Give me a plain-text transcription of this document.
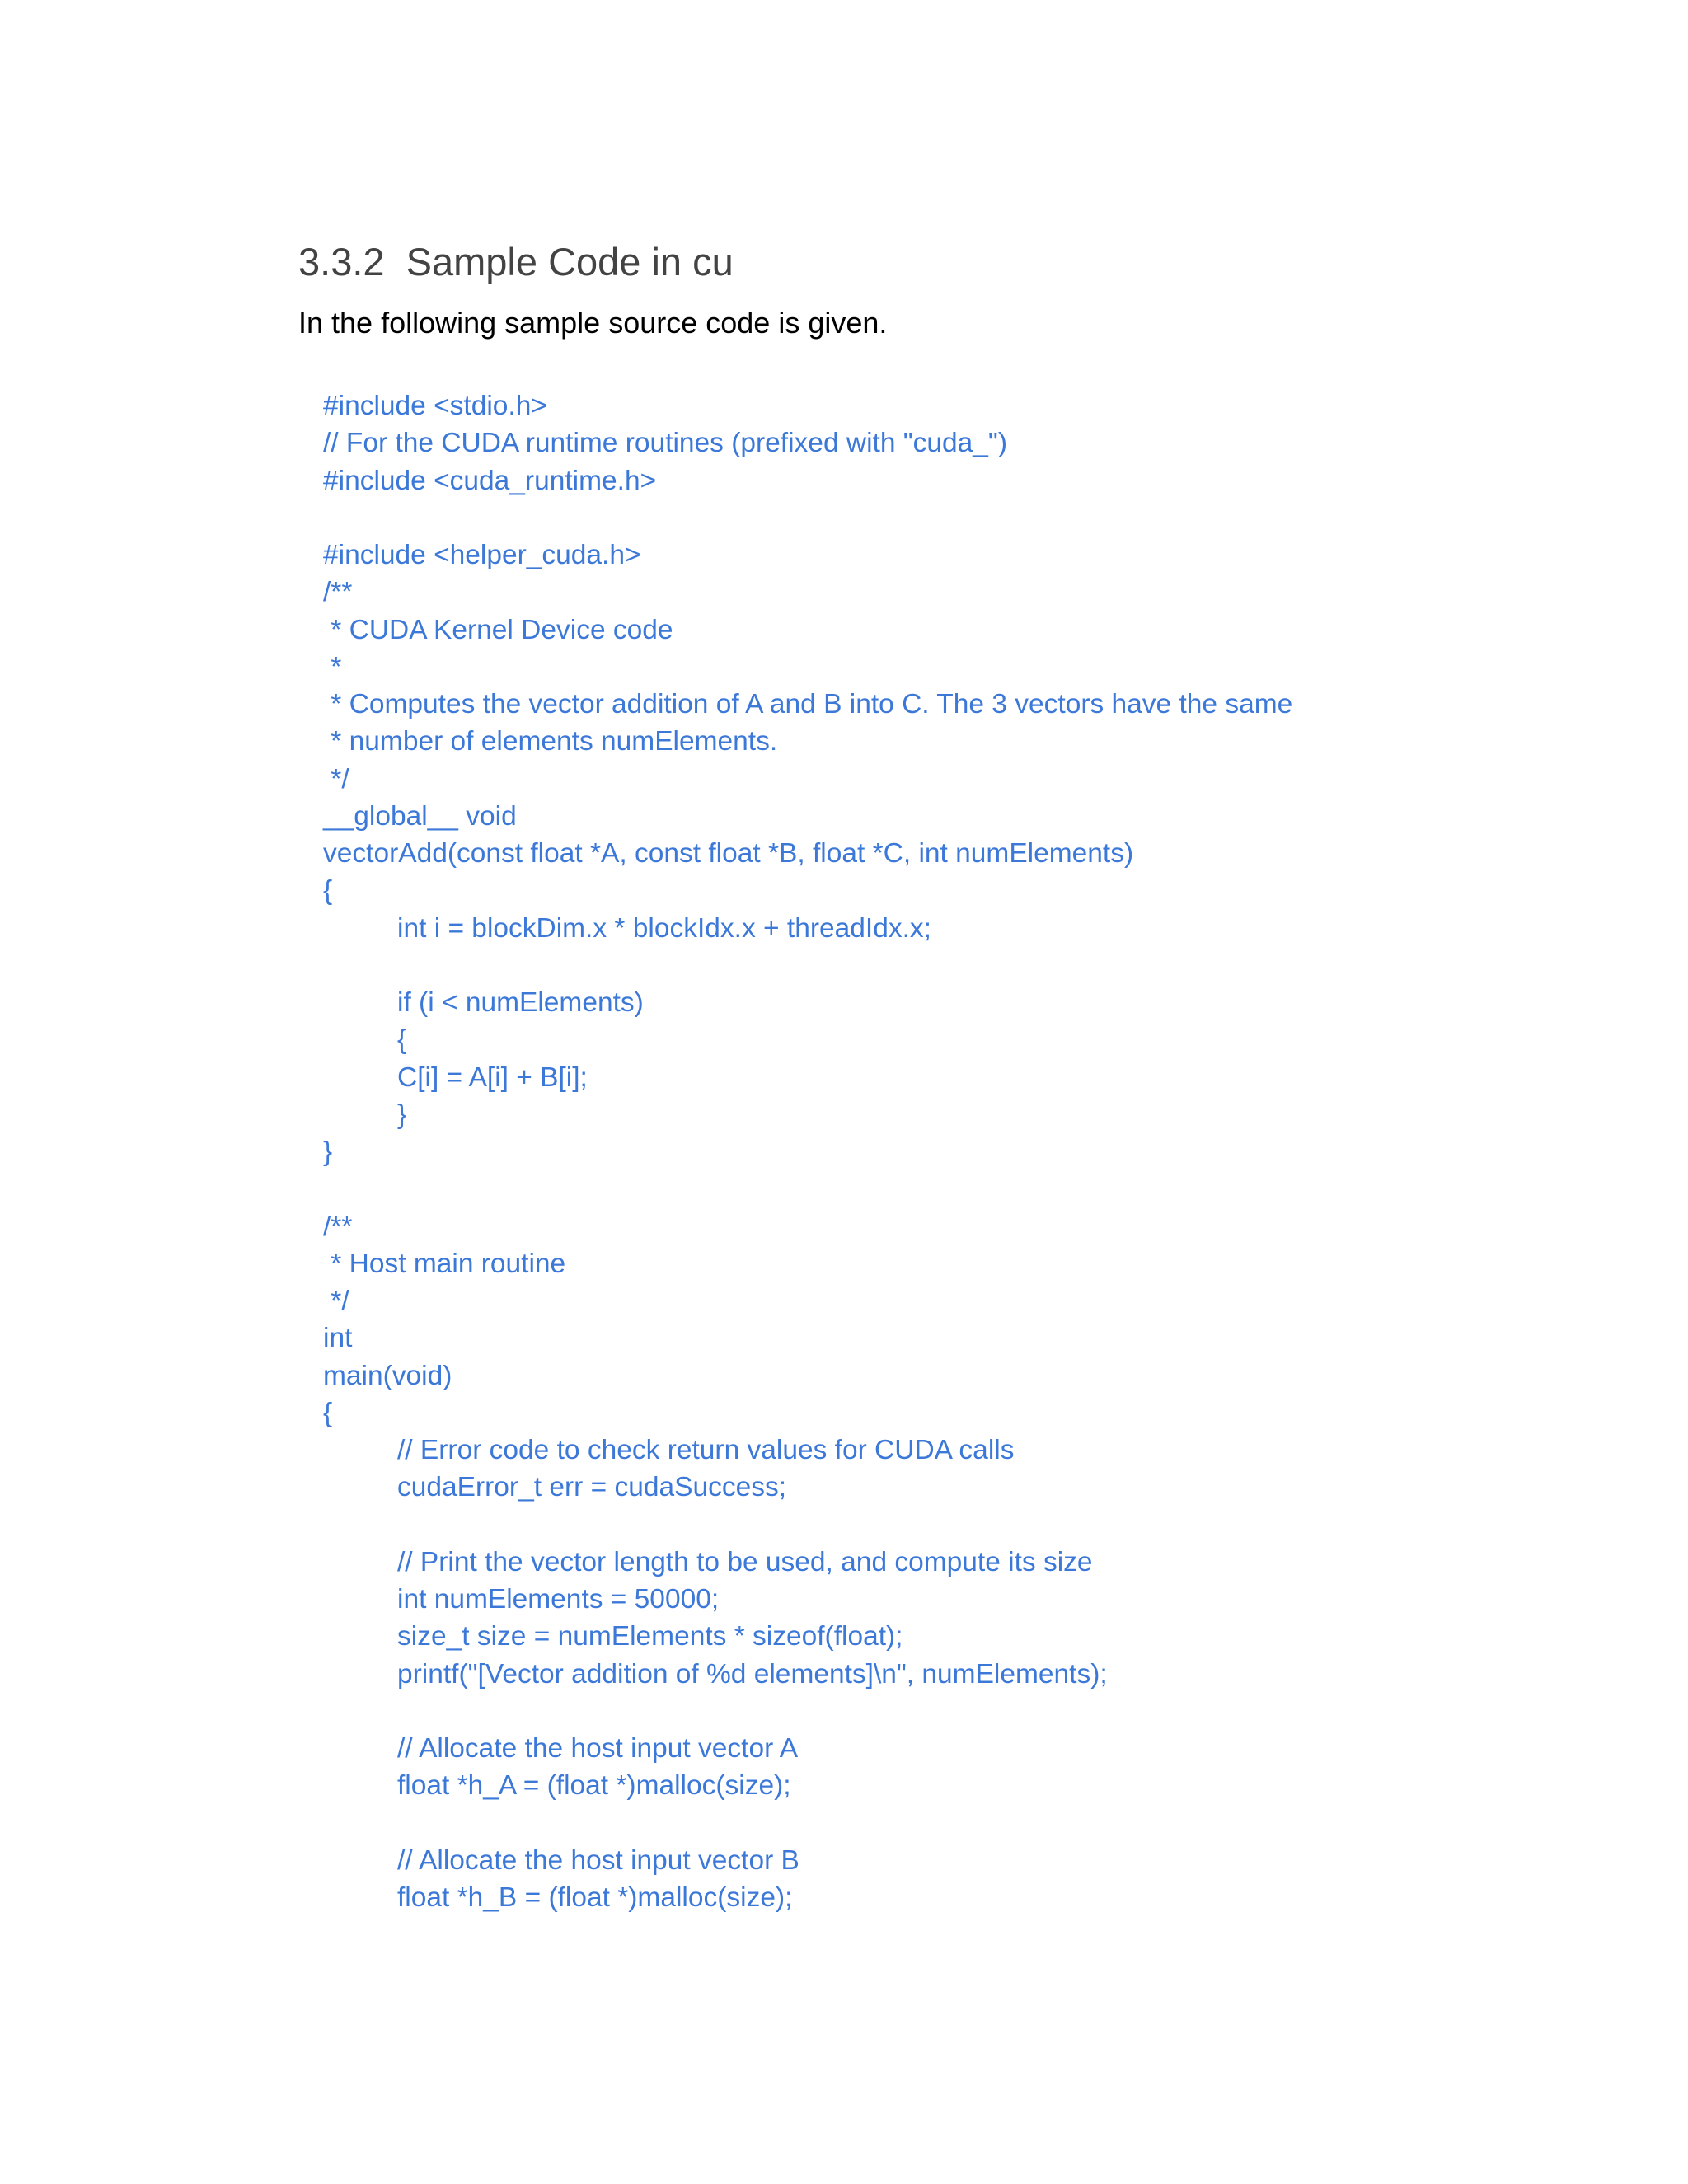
3.3.2  Sample Code in cu

In the following sample source code is given.

#include <stdio.h>
// For the CUDA runtime routines (prefixed with "cuda_")
#include <cuda_runtime.h>
#include <helper_cuda.h>
/**
* CUDA Kernel Device code
*
* Computes the vector addition of A and B into C. The 3 vectors have the same
* number of elements numElements.
*/
__global__ void
vectorAdd(const float *A, const float *B, float *C, int numElements)
{
int i = blockDim.x * blockIdx.x + threadIdx.x;
if (i < numElements)
{
C[i] = A[i] + B[i];
}
}
/**
* Host main routine
*/
int
main(void)
{
// Error code to check return values for CUDA calls
cudaError_t err = cudaSuccess;
// Print the vector length to be used, and compute its size
int numElements = 50000;
size_t size = numElements * sizeof(float);
printf("[Vector addition of %d elements]\n", numElements);
// Allocate the host input vector A
float *h_A = (float *)malloc(size);
// Allocate the host input vector B
float *h_B = (float *)malloc(size);
